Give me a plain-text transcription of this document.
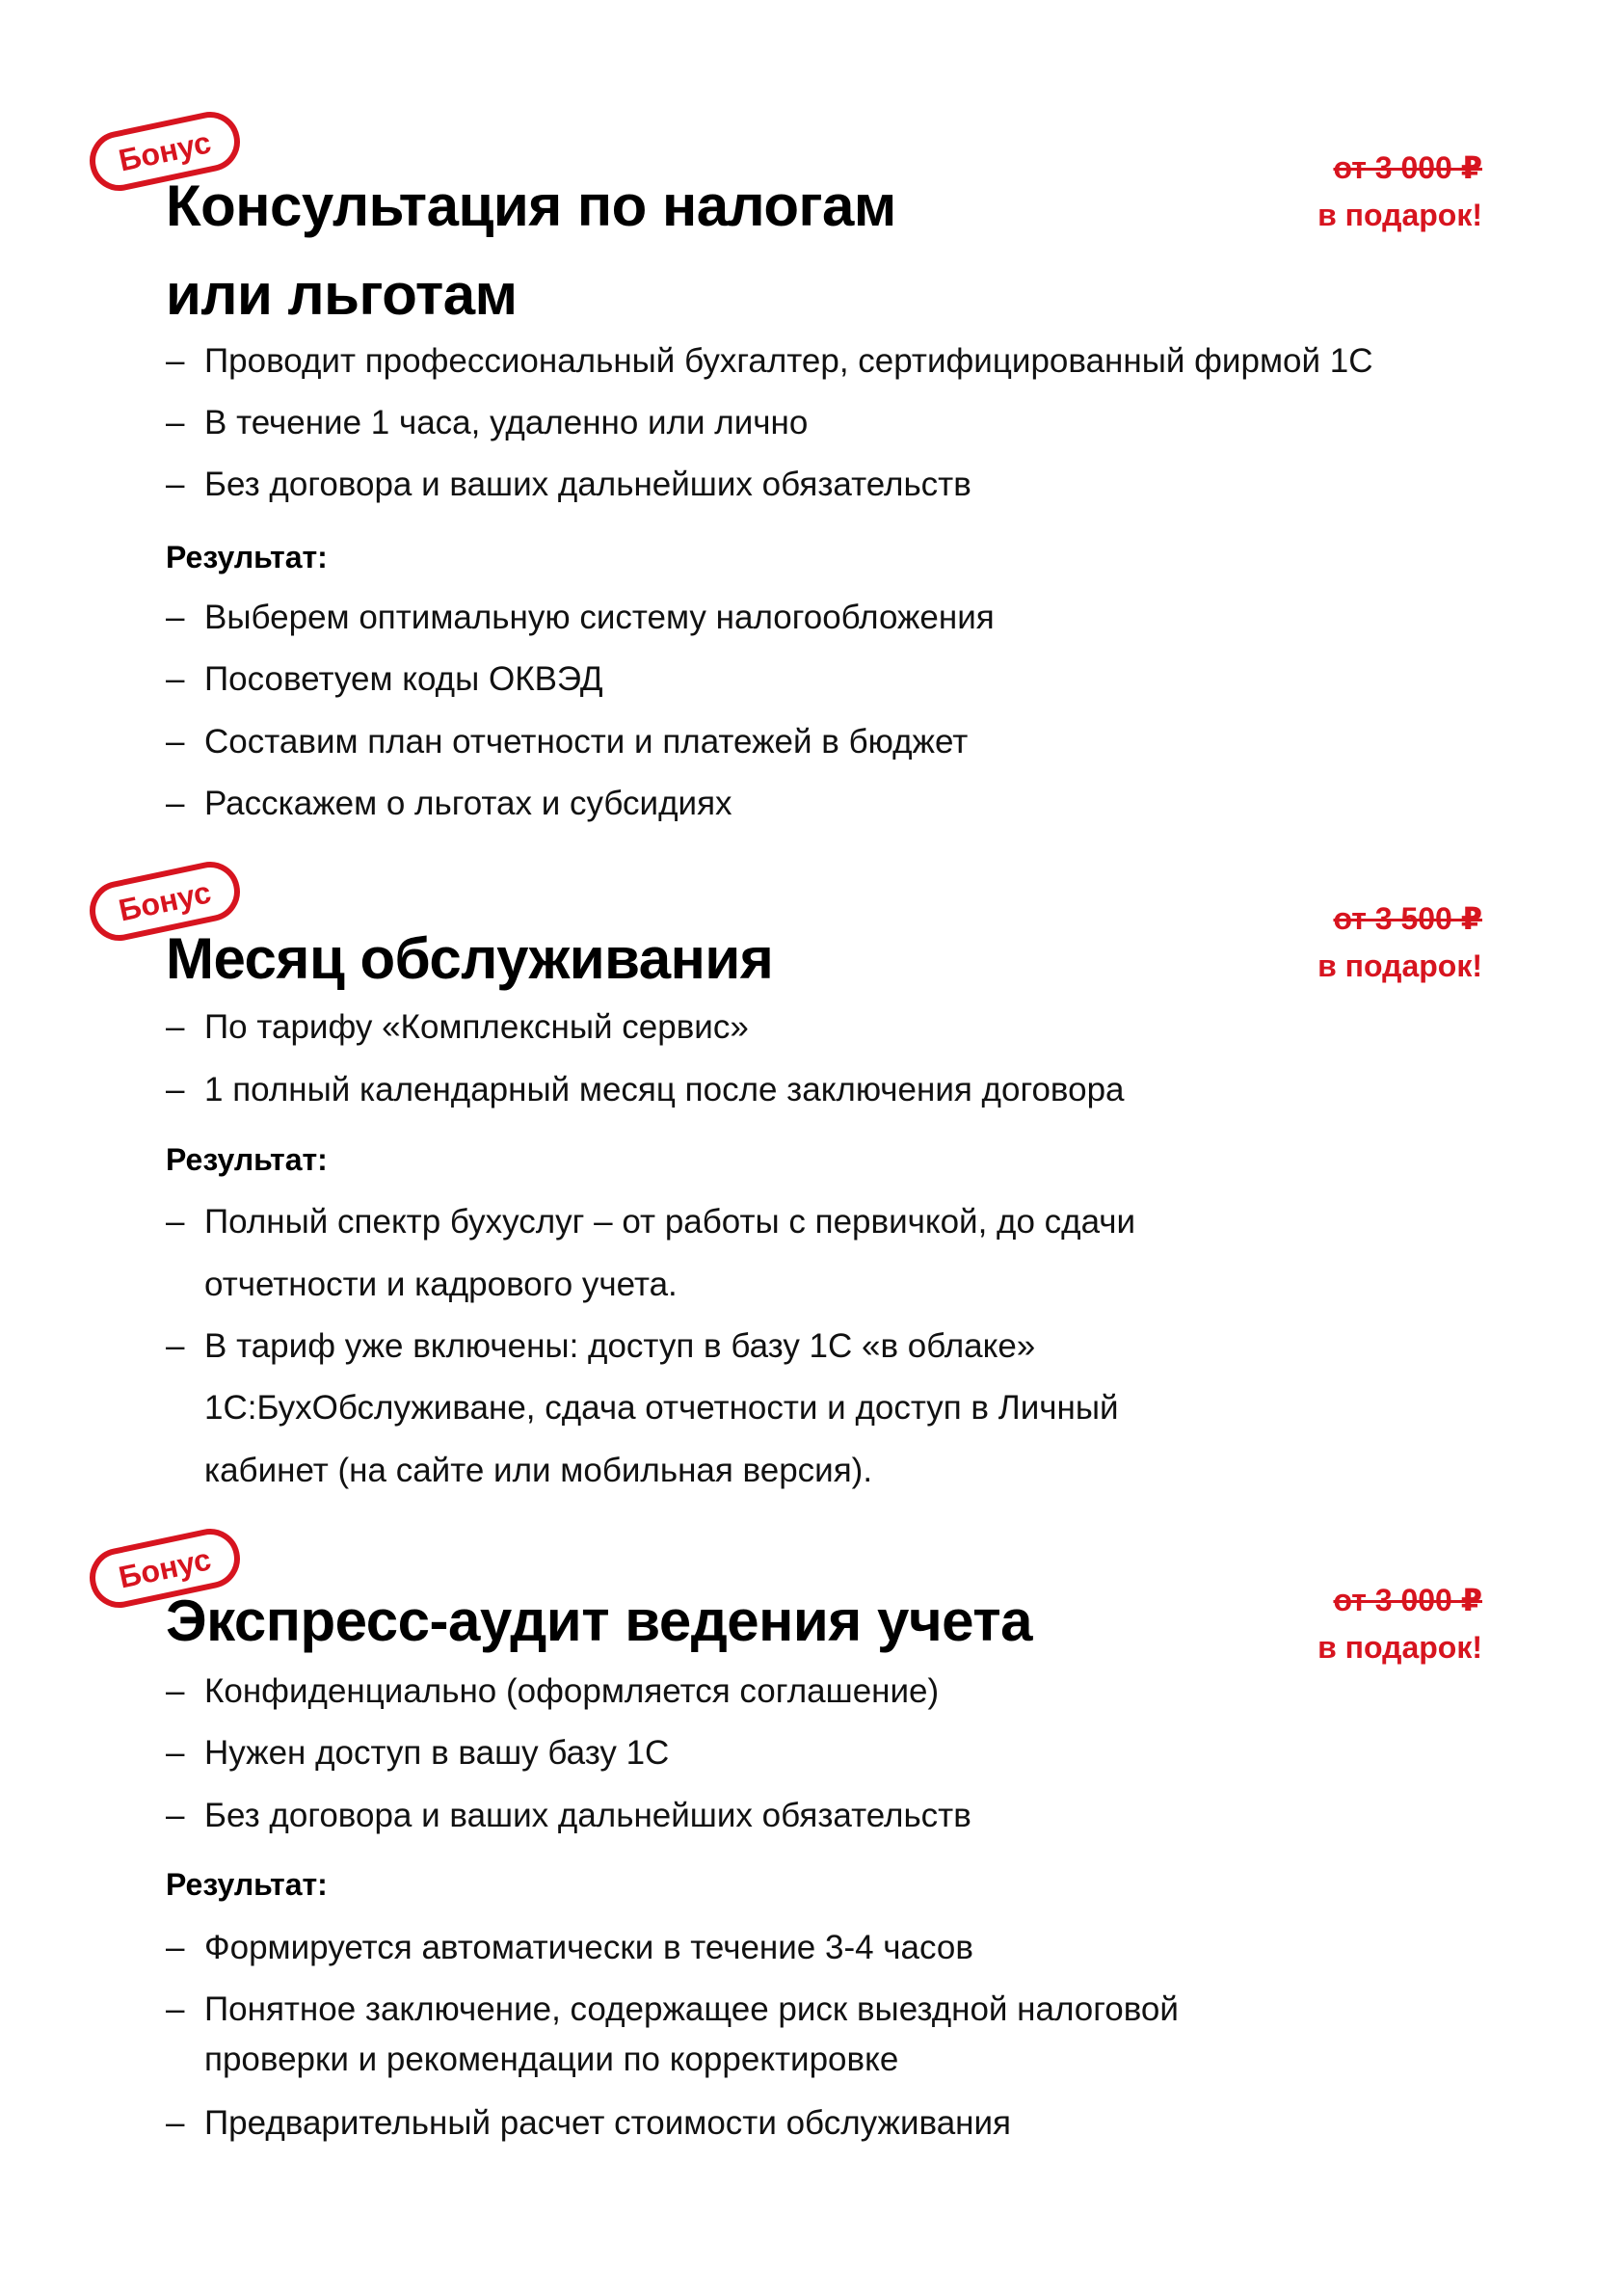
Бонус
Консультация по налогам
или льготам
от 3 000 ₽
в подарок!
– Проводит профессиональный бухгалтер, сертифицированный фирмой 1С
– В течение 1 часа, удаленно или лично
– Без договора и ваших дальнейших обязательств
Результат:
– Выберем оптимальную систему налогообложения
– Посоветуем коды ОКВЭД
– Составим план отчетности и платежей в бюджет
– Расскажем о льготах и субсидиях
Бонус
Месяц обслуживания
от 3 500 ₽
в подарок!
– По тарифу «Комплексный сервис»
– 1 полный календарный месяц после заключения договора
Результат:
– Полный спектр бухуслуг – от работы с первичкой, до сдачи
отчетности и кадрового учета.
– В тариф уже включены: доступ в базу 1С «в облаке»
1С:БухОбслуживане, сдача отчетности и доступ в Личный
кабинет (на сайте или мобильная версия).
Бонус
Экспресс-аудит ведения учета	от 3 000 ₽
в подарок!
– Конфиденциально (оформляется соглашение)
– Нужен доступ в вашу базу 1С
– Без договора и ваших дальнейших обязательств
Результат:
– Формируется автоматически в течение 3-4 часов
– Понятное заключение, содержащее риск выездной налоговой
проверки и рекомендации по корректировке
– Предварительный расчет стоимости обслуживания
